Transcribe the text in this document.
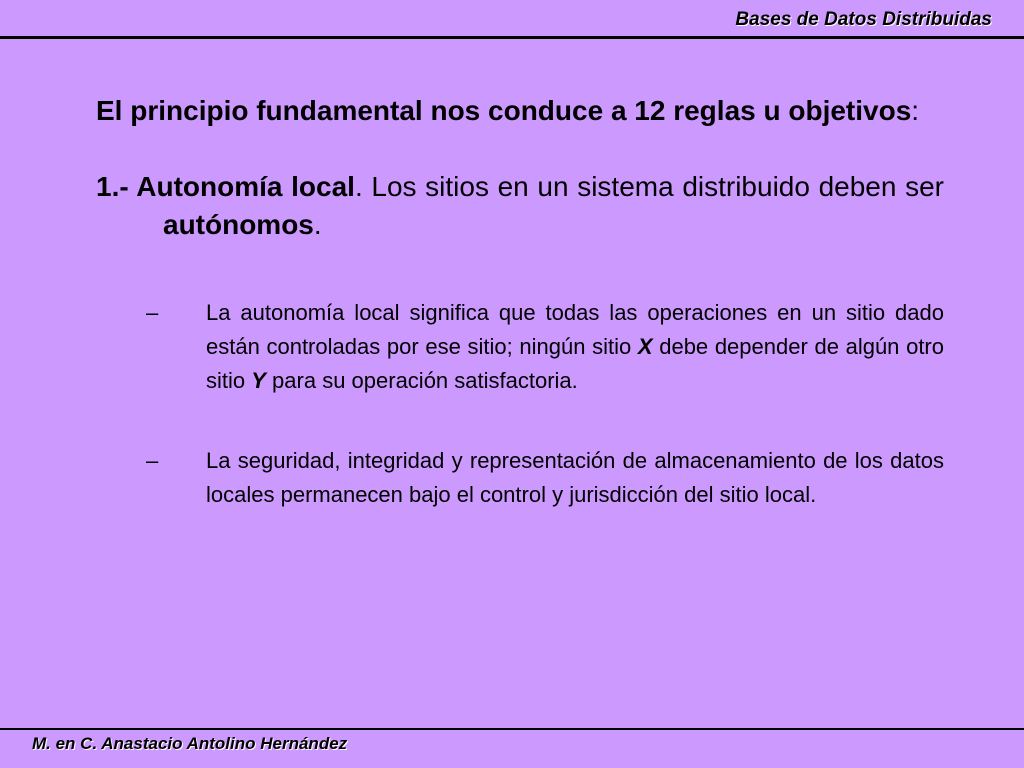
Bases de Datos Distribuidas

El principio fundamental nos conduce a 12 reglas u objetivos:

1.- Autonomía local. Los sitios en un sistema distribuido deben ser autónomos.

– La autonomía local significa que todas las operaciones en un sitio dado están controladas por ese sitio; ningún sitio X debe depender de algún otro sitio Y para su operación satisfactoria.
– La seguridad, integridad y representación de almacenamiento de los datos locales permanecen bajo el control y jurisdicción del sitio local.
M. en C. Anastacio Antolino Hernández
